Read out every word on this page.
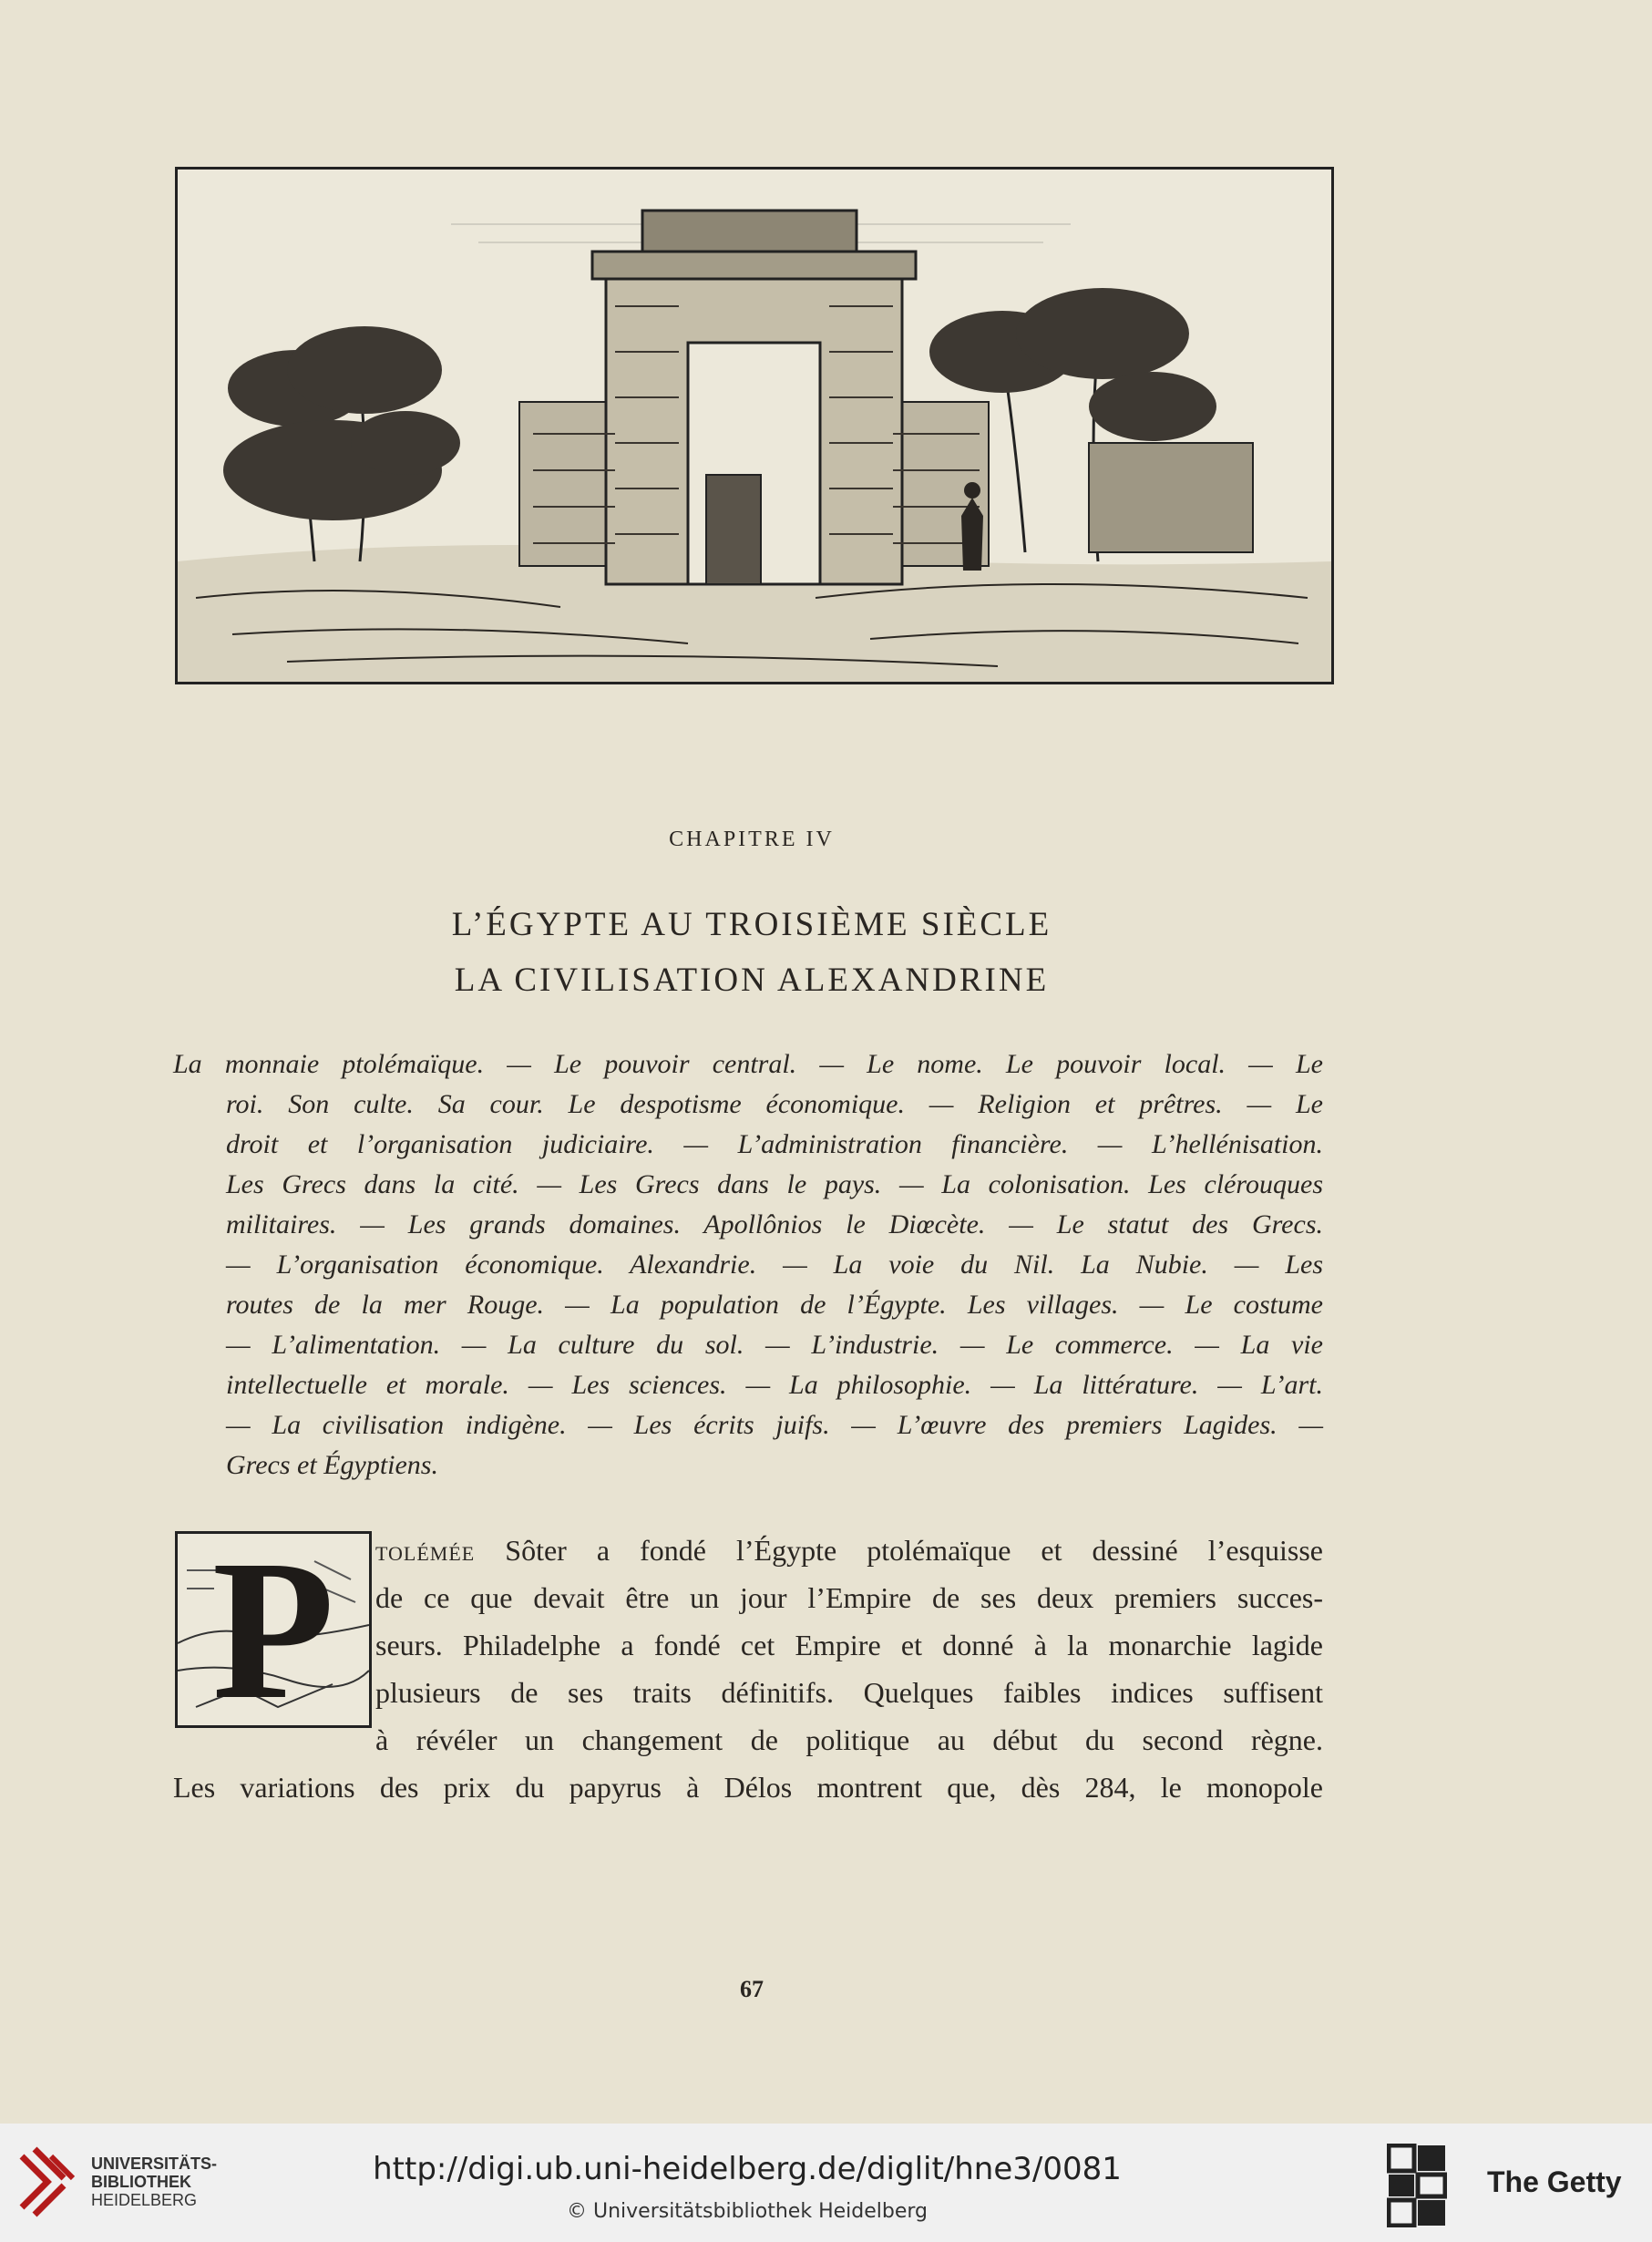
CHAPITRE IV
L’ÉGYPTE AU TROISIÈME SIÈCLE
LA CIVILISATION ALEXANDRINE

La monnaie ptolémaïque. — Le pouvoir central. — Le nome. Le pouvoir local. — Le
roi. Son culte. Sa cour. Le despotisme économique. — Religion et prêtres. — Le
droit et l’organisation judiciaire. — L’administration financière. — L’hellénisation.
Les Grecs dans la cité. — Les Grecs dans le pays. — La colonisation. Les clérouques
militaires. — Les grands domaines. Apollônios le Diœcète. — Le statut des Grecs.
— L’organisation économique. Alexandrie. — La voie du Nil. La Nubie. — Les
routes de la mer Rouge. — La population de l’Égypte. Les villages. — Le costume
— L’alimentation. — La culture du sol. — L’industrie. — Le commerce. — La vie
intellectuelle et morale. — Les sciences. — La philosophie. — La littérature. — L’art.
— La civilisation indigène. — Les écrits juifs. — L’œuvre des premiers Lagides. —
Grecs et Égyptiens.

P	tolémée Sôter a fondé l’Égypte ptolémaïque et dessiné l’esquisse
de ce que devait être un jour l’Empire de ses deux premiers succes-
seurs. Philadelphe a fondé cet Empire et donné à la monarchie lagide
plusieurs de ses traits définitifs. Quelques faibles indices suffisent
à révéler un changement de politique au début du second règne.
Les variations des prix du papyrus à Délos montrent que, dès 284, le monopole
67
UNIVERSITÄTS-
BIBLIOTHEK
HEIDELBERG
http://digi.ub.uni-heidelberg.de/diglit/hne3/0081
© Universitätsbibliothek Heidelberg
The Getty
